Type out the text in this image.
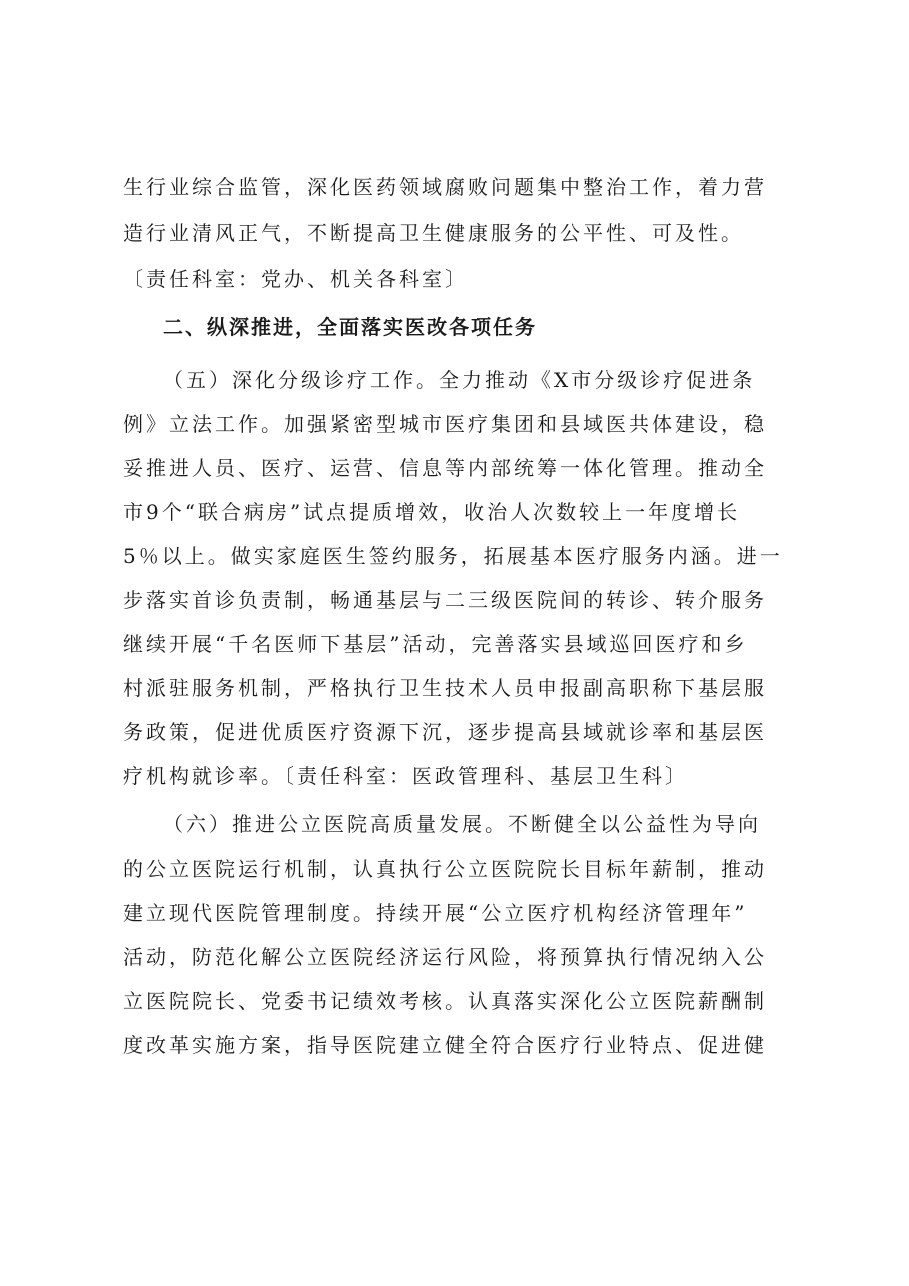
生行业综合监管，深化医药领域腐败问题集中整治工作，着力营
造行业清风正气，不断提高卫生健康服务的公平性、可及性。
〔责任科室：党办、机关各科室〕
二、纵深推进，全面落实医改各项任务
（五）深化分级诊疗工作。全力推动《X市分级诊疗促进条
例》立法工作。加强紧密型城市医疗集团和县域医共体建设，稳
妥推进人员、医疗、运营、信息等内部统筹一体化管理。推动全
市9个“联合病房”试点提质增效，收治人次数较上一年度增长
5％以上。做实家庭医生签约服务，拓展基本医疗服务内涵。进一
步落实首诊负责制，畅通基层与二三级医院间的转诊、转介服务
继续开展“千名医师下基层”活动，完善落实县域巡回医疗和乡
村派驻服务机制，严格执行卫生技术人员申报副高职称下基层服
务政策，促进优质医疗资源下沉，逐步提高县域就诊率和基层医
疗机构就诊率。〔责任科室：医政管理科、基层卫生科〕
（六）推进公立医院高质量发展。不断健全以公益性为导向
的公立医院运行机制，认真执行公立医院院长目标年薪制，推动
建立现代医院管理制度。持续开展“公立医疗机构经济管理年”
活动，防范化解公立医院经济运行风险，将预算执行情况纳入公
立医院院长、党委书记绩效考核。认真落实深化公立医院薪酬制
度改革实施方案，指导医院建立健全符合医疗行业特点、促进健
